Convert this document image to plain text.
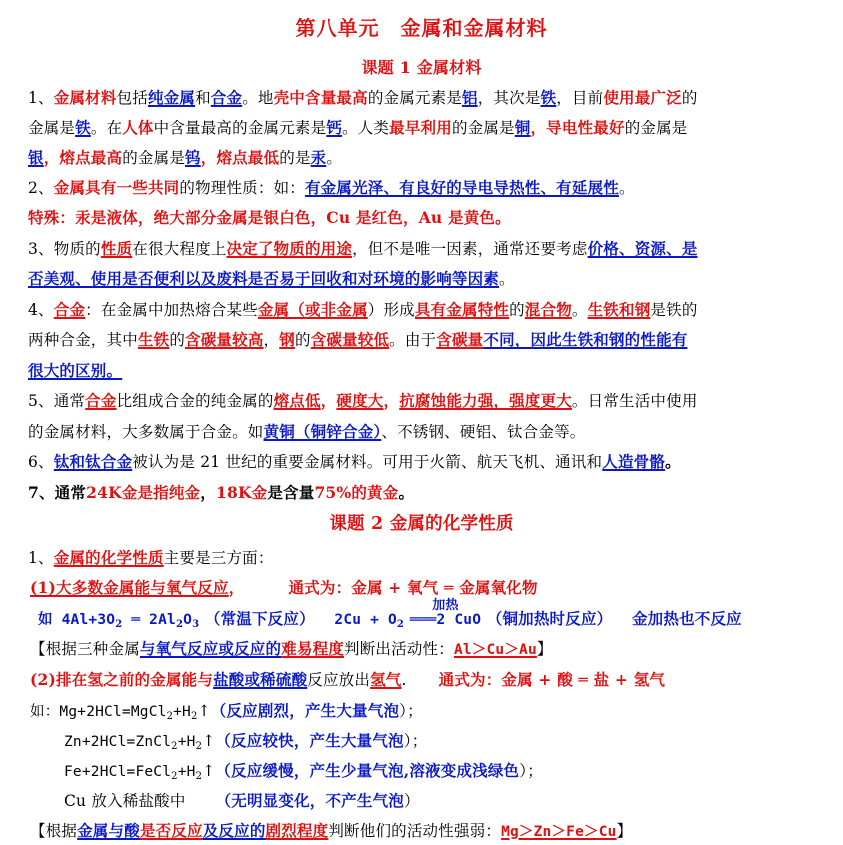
第八单元　金属和金属材料
课题 1 金属材料
1、金属材料包括纯金属和合金。地壳中含量最高的金属元素是铝，其次是铁，目前使用最广泛的
金属是铁。在人体中含量最高的金属元素是钙。人类最早利用的金属是铜，导电性最好的金属是
银，熔点最高的金属是钨，熔点最低的是汞。
2、金属具有一些共同的物理性质：如：有金属光泽、有良好的导电导热性、有延展性。
特殊：汞是液体，绝大部分金属是银白色，Cu 是红色，Au 是黄色。
3、物质的性质在很大程度上决定了物质的用途，但不是唯一因素，通常还要考虑价格、资源、是
否美观、使用是否便利以及废料是否易于回收和对环境的影响等因素。
4、合金：在金属中加热熔合某些金属（或非金属）形成具有金属特性的混合物。生铁和钢是铁的
两种合金，其中生铁的含碳量较高，钢的含碳量较低。由于含碳量不同，因此生铁和钢的性能有
很大的区别。
5、通常合金比组成合金的纯金属的熔点低，硬度大，抗腐蚀能力强，强度更大。日常生活中使用
的金属材料，大多数属于合金。如黄铜（铜锌合金）、不锈钢、硬铝、钛合金等。
6、钛和钛合金被认为是 21 世纪的重要金属材料。可用于火箭、航天飞机、通讯和人造骨骼。
7、通常24K金是指纯金，18K金是含量75%的黄金。
课题 2 金属的化学性质
1、金属的化学性质主要是三方面：
(1)大多数金属能与氧气反应，	通式为：金属 + 氧气 ═ 金属氧化物
如 $4Al+3O_2$ ═ $2Al_2O_3$ （常温下反应） $2Cu + O_2$
加热
═══2 CuO （铜加热时反应） 金加热也不反应
【根据三种金属与氧气反应或反应的难易程度判断出活动性：Al＞Cu＞Au】
(2)排在氢之前的金属能与盐酸或稀硫酸反应放出氢气. 通式为：金属 + 酸 ═ 盐 + 氢气
如：$Mg+2HCl=MgCl_2+H_2↑$（反应剧烈，产生大量气泡）；
$Zn+2HCl=ZnCl_2+H_2↑$（反应较快，产生大量气泡）；
$Fe+2HCl=FeCl_2+H_2↑$（反应缓慢，产生少量气泡,溶液变成浅绿色）；
Cu 放入稀盐酸中 （无明显变化，不产生气泡）
【根据金属与酸是否反应及反应的剧烈程度判断他们的活动性强弱：Mg＞Zn＞Fe＞Cu】
